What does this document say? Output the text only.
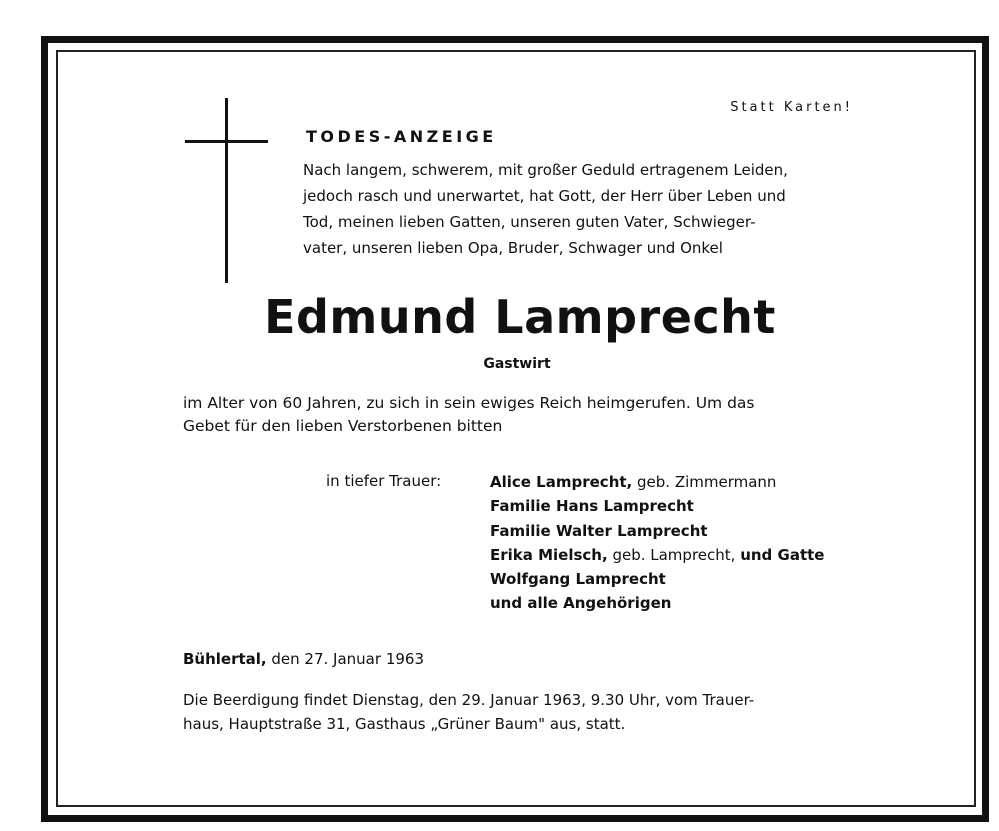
Statt Karten!
TODES-ANZEIGE
Nach langem, schwerem, mit großer Geduld ertragenem Leiden,
jedoch rasch und unerwartet, hat Gott, der Herr über Leben und
Tod, meinen lieben Gatten, unseren guten Vater, Schwieger-
vater, unseren lieben Opa, Bruder, Schwager und Onkel
Edmund Lamprecht
Gastwirt
im Alter von 60 Jahren, zu sich in sein ewiges Reich heimgerufen. Um das
Gebet für den lieben Verstorbenen bitten
in tiefer Trauer:	Alice Lamprecht, geb. Zimmermann
Familie Hans Lamprecht
Familie Walter Lamprecht
Erika Mielsch, geb. Lamprecht, und Gatte
Wolfgang Lamprecht
und alle Angehörigen
Bühlertal, den 27. Januar 1963
Die Beerdigung findet Dienstag, den 29. Januar 1963, 9.30 Uhr, vom Trauer-
haus, Hauptstraße 31, Gasthaus „Grüner Baum" aus, statt.
